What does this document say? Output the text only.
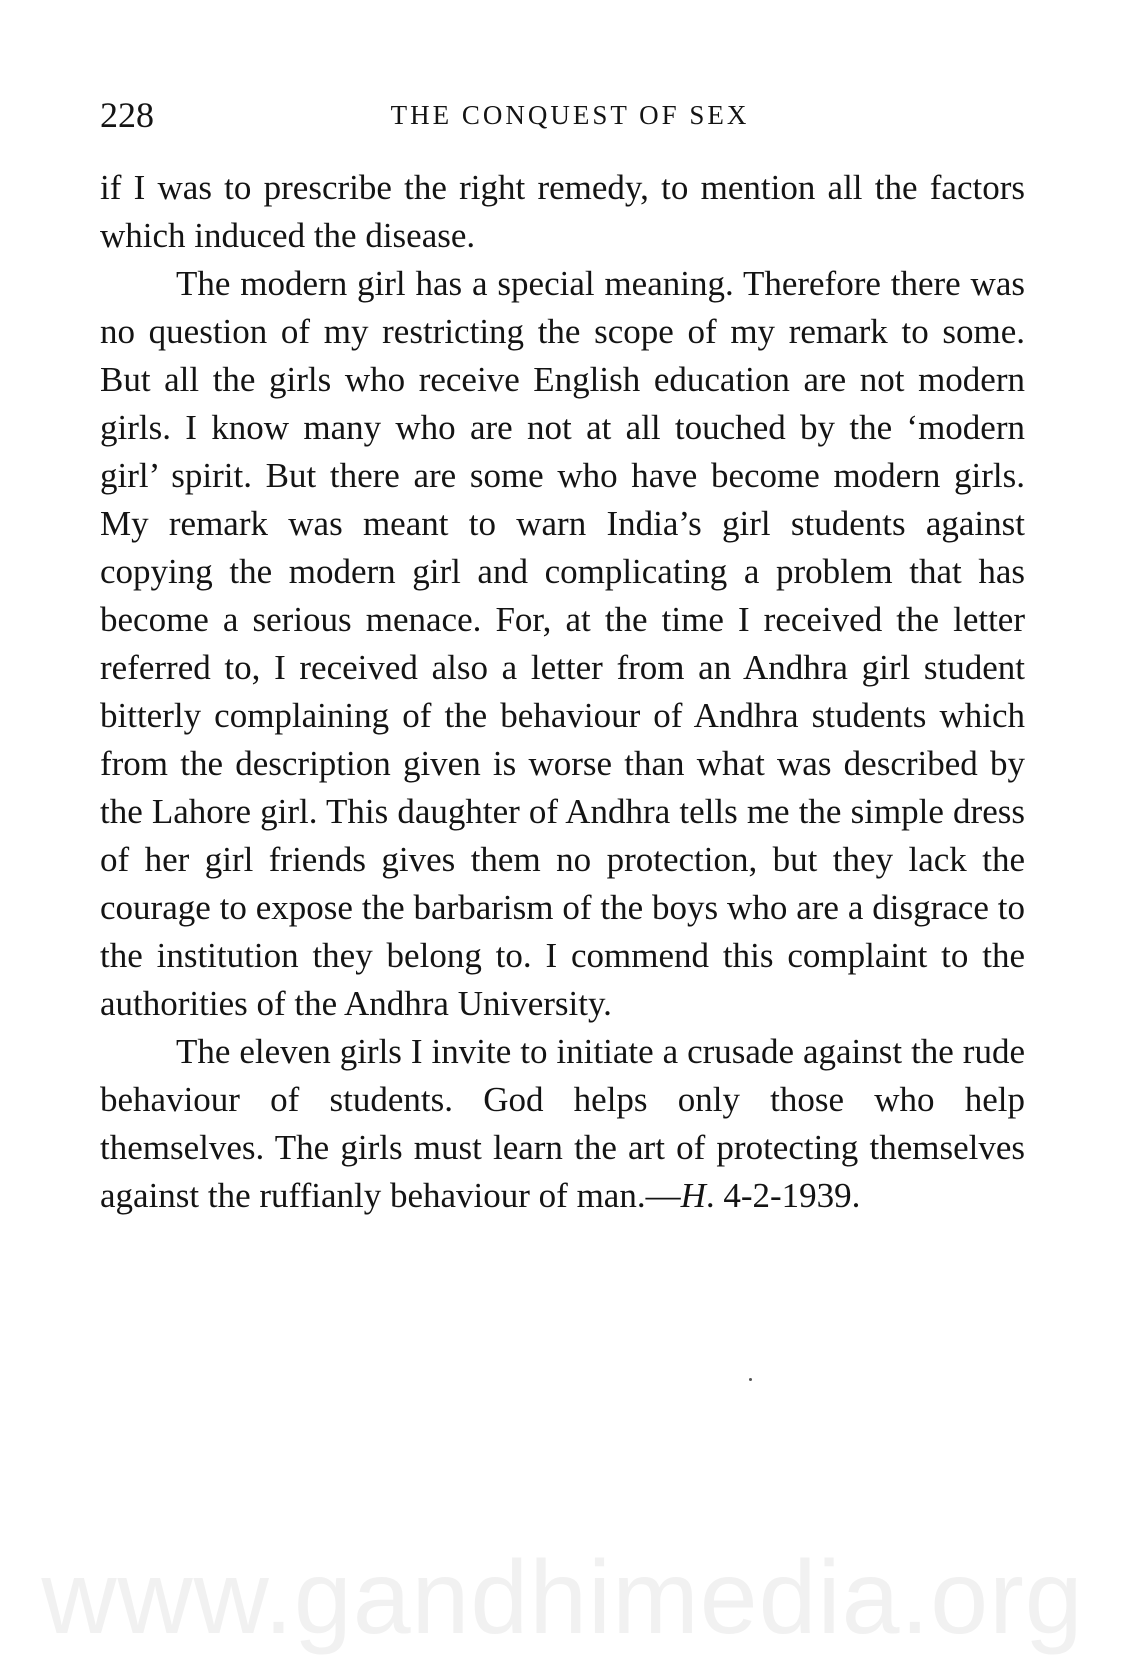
228	THE CONQUEST OF SEX

if I was to prescribe the right remedy, to mention all the factors which induced the disease.

The modern girl has a special meaning. Therefore there was no question of my restricting the scope of my remark to some. But all the girls who receive English education are not modern girls. I know many who are not at all touched by the ‘modern girl’ spirit. But there are some who have become modern girls. My remark was meant to warn India’s girl students against copying the modern girl and complicating a problem that has become a serious menace. For, at the time I received the letter referred to, I received also a letter from an Andhra girl student bitterly complaining of the behaviour of Andhra students which from the description given is worse than what was described by the Lahore girl. This daughter of Andhra tells me the simple dress of her girl friends gives them no protection, but they lack the courage to expose the barbarism of the boys who are a disgrace to the institution they belong to. I commend this complaint to the authorities of the Andhra University.

The eleven girls I invite to initiate a crusade against the rude behaviour of students. God helps only those who help themselves. The girls must learn the art of protecting themselves against the ruffianly behaviour of man.—H. 4-2-1939.

www.gandhimedia.org
